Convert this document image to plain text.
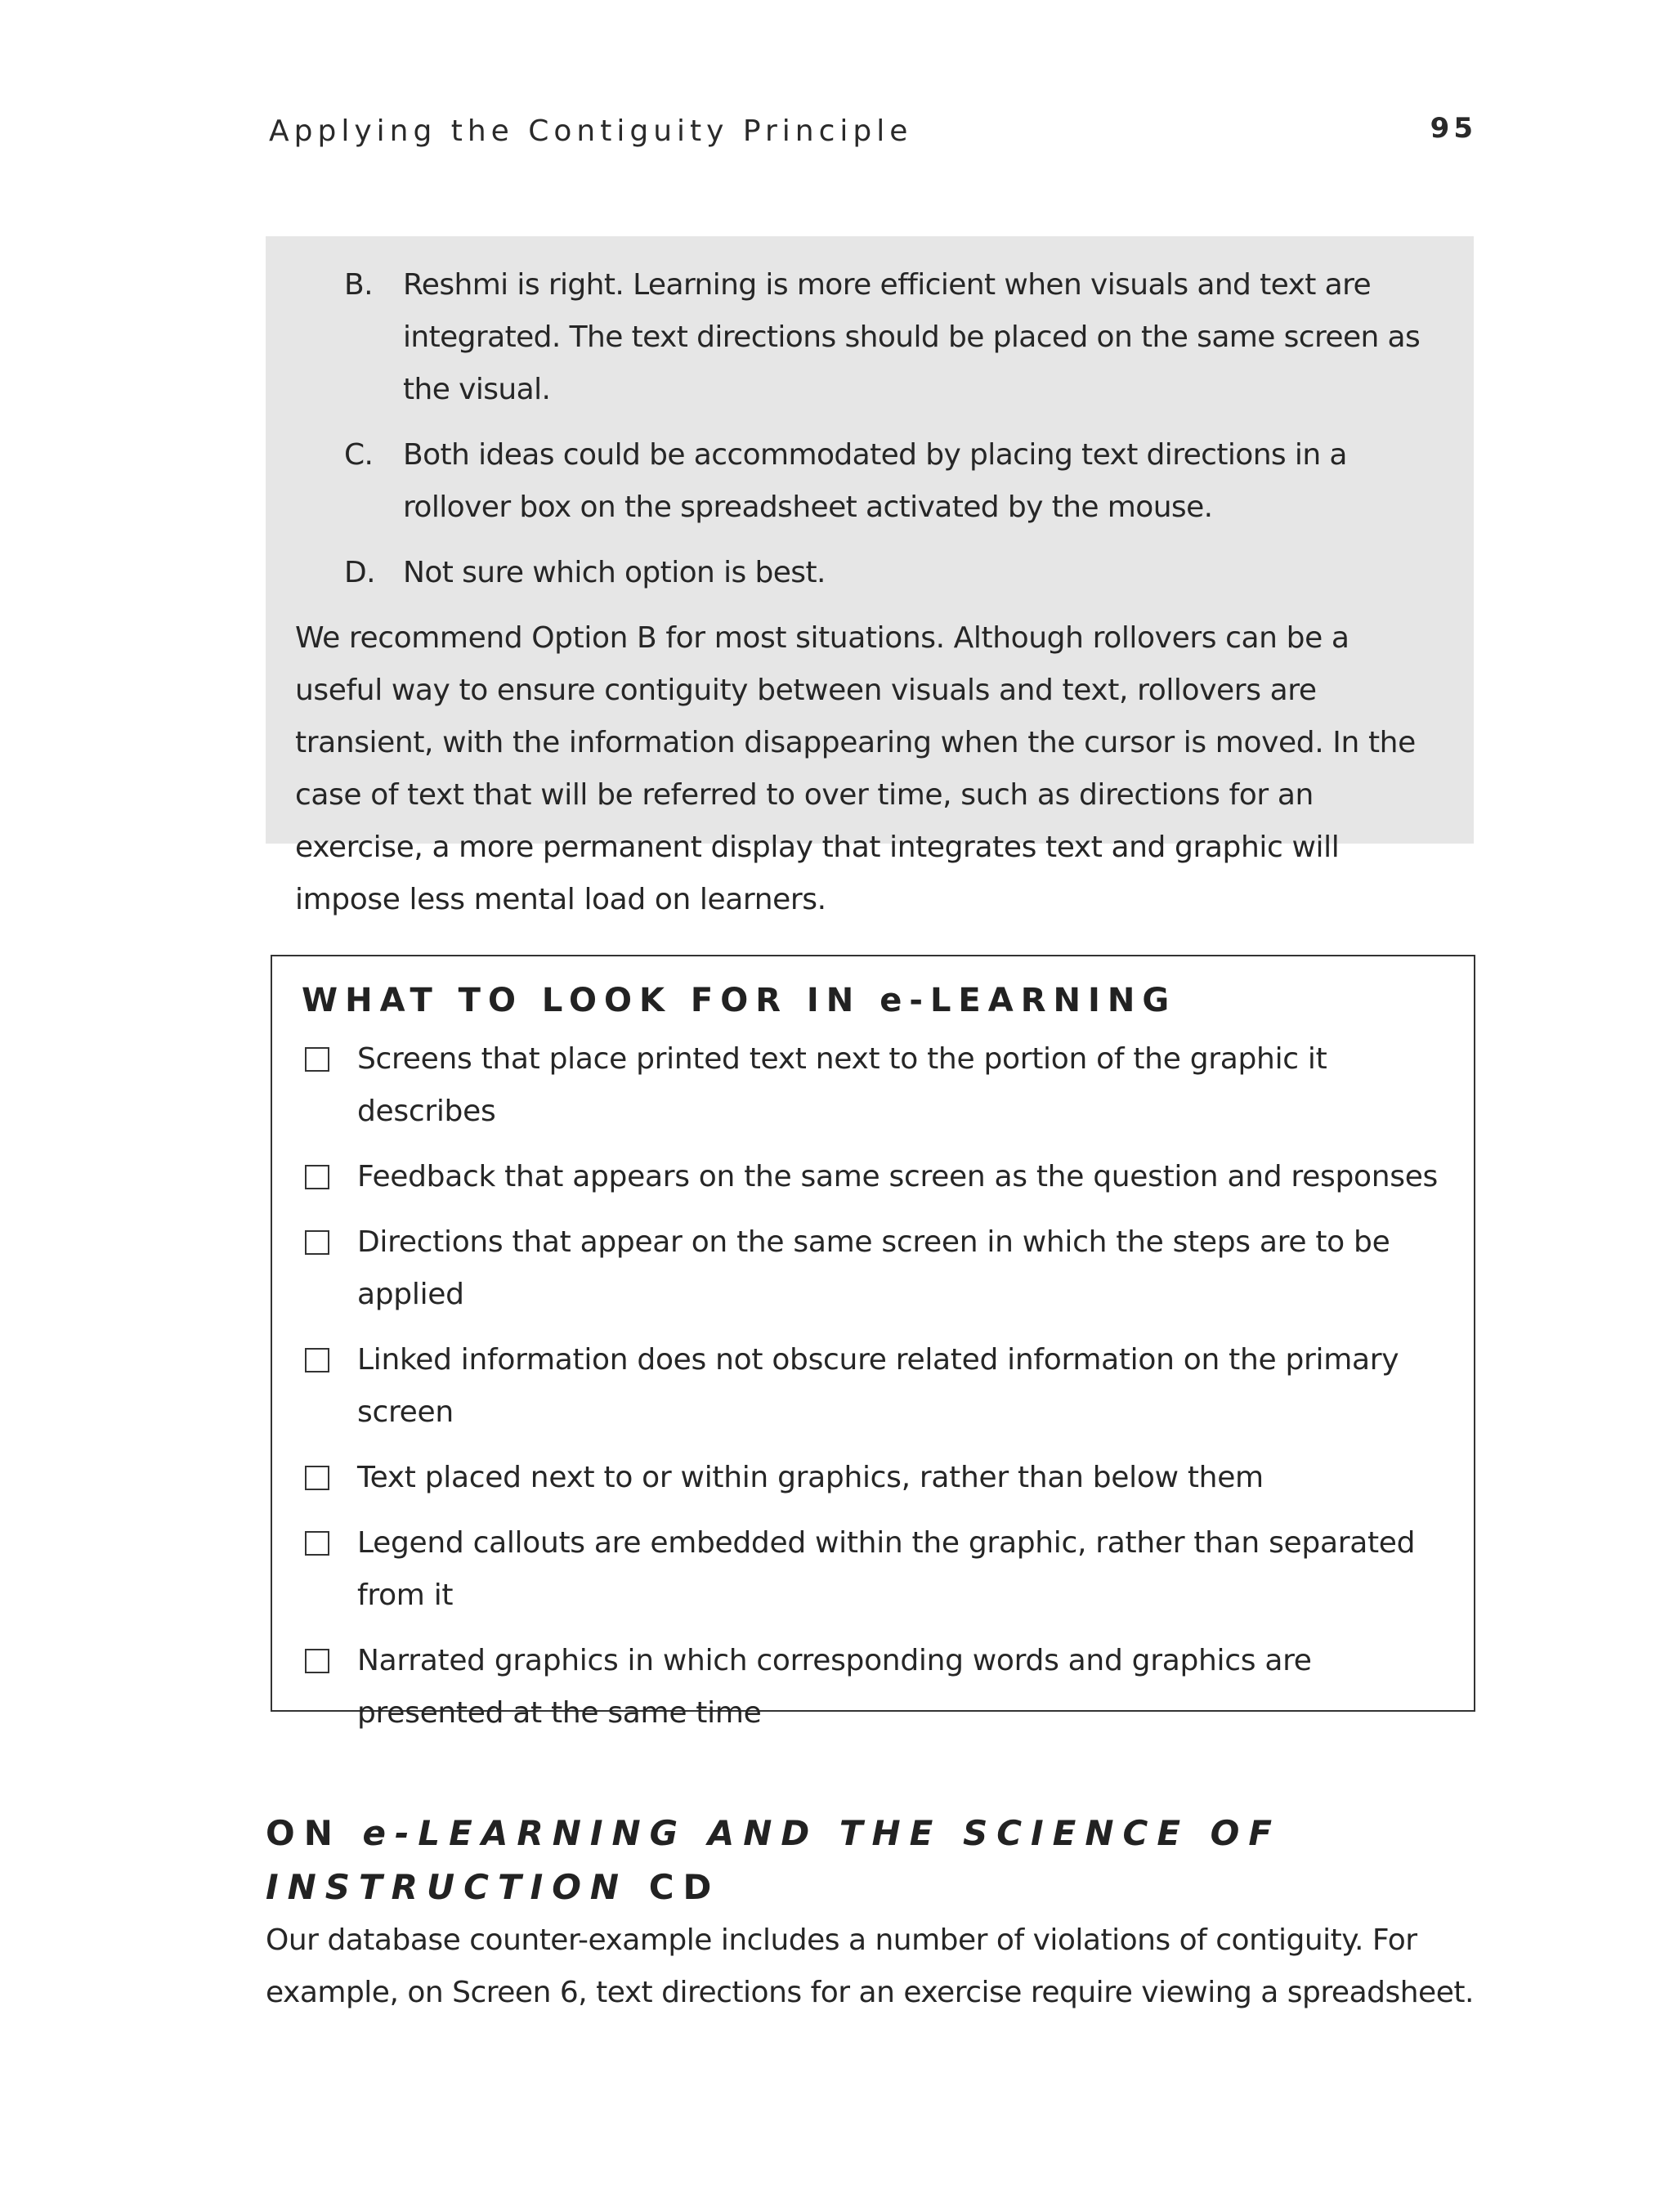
Applying the Contiguity Principle	95
B.	Reshmi is right. Learning is more efficient when visuals and text are integrated. The text directions should be placed on the same screen as the visual.
C.	Both ideas could be accommodated by placing text directions in a rollover box on the spreadsheet activated by the mouse.
D. Not sure which option is best.
We recommend Option B for most situations. Although rollovers can be a useful way to ensure contiguity between visuals and text, rollovers are transient, with the information disappearing when the cursor is moved. In the case of text that will be referred to over time, such as directions for an exercise, a more permanent display that integrates text and graphic will impose less mental load on learners.
WHAT TO LOOK FOR IN e-LEARNING
Screens that place printed text next to the portion of the graphic it describes
Feedback that appears on the same screen as the question and responses
Directions that appear on the same screen in which the steps are to be applied
Linked information does not obscure related information on the primary screen
Text placed next to or within graphics, rather than below them
Legend callouts are embedded within the graphic, rather than separated from it
Narrated graphics in which corresponding words and graphics are presented at the same time
ON e-LEARNING AND THE SCIENCE OF INSTRUCTION CD
Our database counter-example includes a number of violations of contiguity. For example, on Screen 6, text directions for an exercise require viewing a spreadsheet.
